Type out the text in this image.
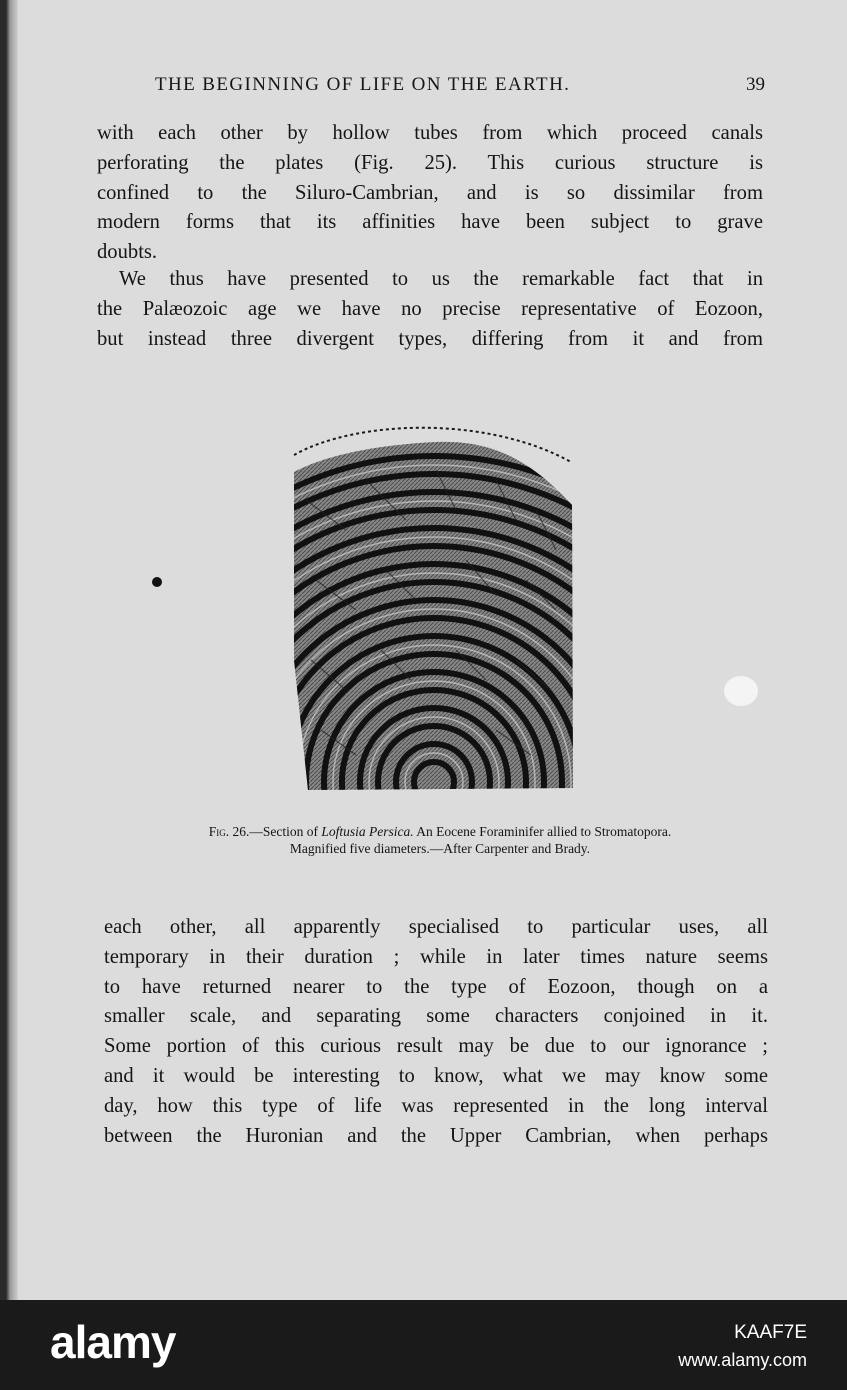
THE BEGINNING OF LIFE ON THE EARTH.	39
with each other by hollow tubes from which proceed canals
perforating the plates (Fig. 25). This curious structure is
confined to the Siluro-Cambrian, and is so dissimilar from
modern forms that its affinities have been subject to grave
doubts.
We thus have presented to us the remarkable fact that in
the Palæozoic age we have no precise representative of Eozoon,
but instead three divergent types, differing from it and from
Fig. 26.—Section of Loftusia Persica. An Eocene Foraminifer allied to Stromatopora.
Magnified five diameters.—After Carpenter and Brady.
each other, all apparently specialised to particular uses, all
temporary in their duration ; while in later times nature seems
to have returned nearer to the type of Eozoon, though on a
smaller scale, and separating some characters conjoined in it.
Some portion of this curious result may be due to our ignorance ;
and it would be interesting to know, what we may know some
day, how this type of life was represented in the long interval
between the Huronian and the Upper Cambrian, when perhaps
alamy	KAAF7E
www.alamy.com
